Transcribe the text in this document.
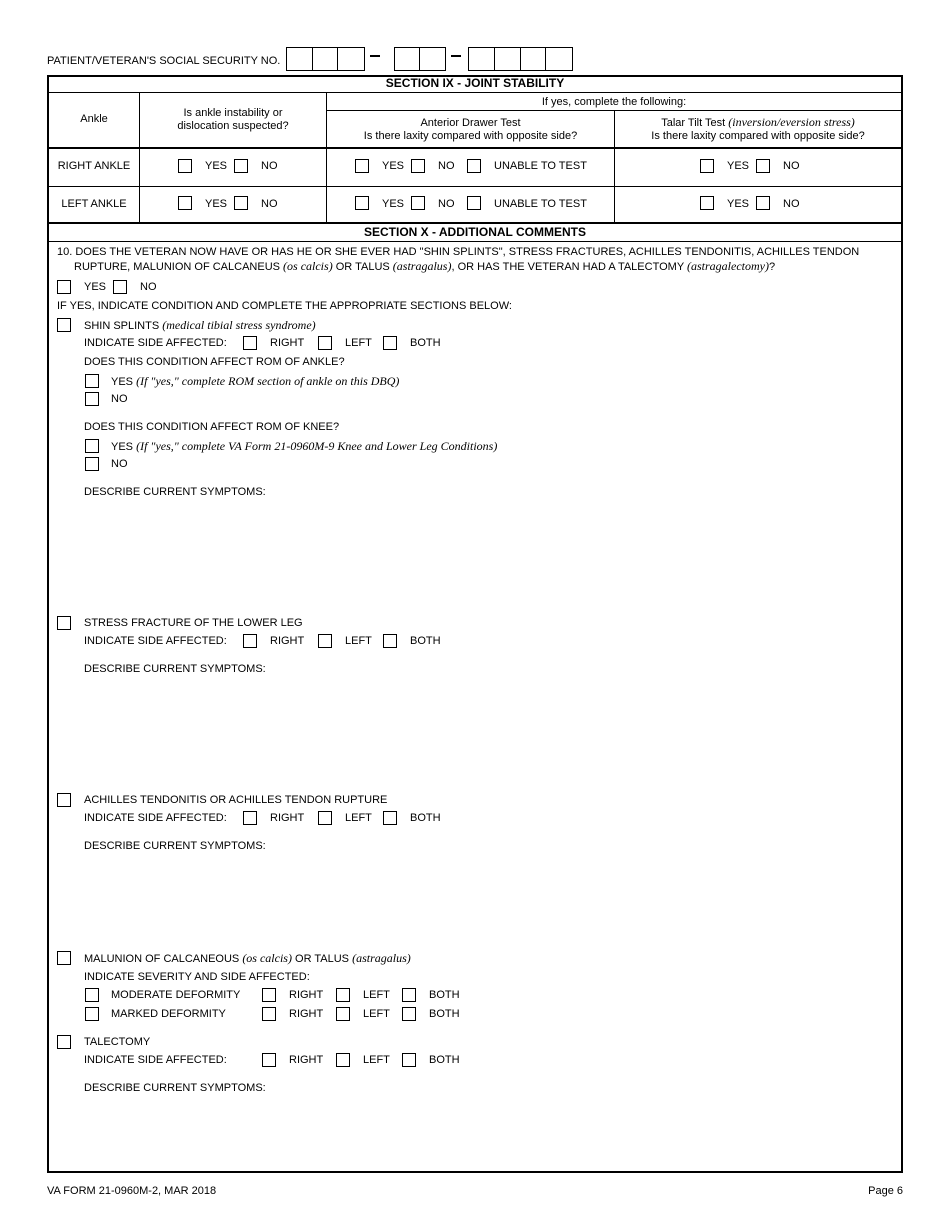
PATIENT/VETERAN'S SOCIAL SECURITY NO.
SECTION IX - JOINT STABILITY
Ankle	Is ankle instability or
dislocation suspected?
If yes, complete the following:
Anterior Drawer Test
Is there laxity compared with opposite side?
Talar Tilt Test (inversion/eversion stress)
Is there laxity compared with opposite side?
RIGHT ANKLE	YES	NO	YES	NO	UNABLE TO TEST	YES	NO
LEFT ANKLE	YES	NO	YES	NO	UNABLE TO TEST	YES	NO
SECTION X - ADDITIONAL COMMENTS
10. DOES THE VETERAN NOW HAVE OR HAS HE OR SHE EVER HAD "SHIN SPLINTS", STRESS FRACTURES, ACHILLES TENDONITIS, ACHILLES TENDON
RUPTURE, MALUNION OF CALCANEUS (os calcis) OR TALUS (astragalus), OR HAS THE VETERAN HAD A TALECTOMY (astragalectomy)?
YES	NO
IF YES, INDICATE CONDITION AND COMPLETE THE APPROPRIATE SECTIONS BELOW:
SHIN SPLINTS (medical tibial stress syndrome)
INDICATE SIDE AFFECTED:	RIGHT	LEFT	BOTH
DOES THIS CONDITION AFFECT ROM OF ANKLE?
YES (If "yes," complete ROM section of ankle on this DBQ)
NO
DOES THIS CONDITION AFFECT ROM OF KNEE?
YES (If "yes," complete VA Form 21-0960M-9 Knee and Lower Leg Conditions)
NO
DESCRIBE CURRENT SYMPTOMS:
STRESS FRACTURE OF THE LOWER LEG
INDICATE SIDE AFFECTED:	RIGHT	LEFT	BOTH
DESCRIBE CURRENT SYMPTOMS:
ACHILLES TENDONITIS OR ACHILLES TENDON RUPTURE
INDICATE SIDE AFFECTED:	RIGHT	LEFT	BOTH
DESCRIBE CURRENT SYMPTOMS:
MALUNION OF CALCANEOUS (os calcis) OR TALUS (astragalus)
INDICATE SEVERITY AND SIDE AFFECTED:
MODERATE DEFORMITY	RIGHT	LEFT	BOTH
MARKED DEFORMITY	RIGHT	LEFT	BOTH
TALECTOMY
INDICATE SIDE AFFECTED:	RIGHT	LEFT	BOTH
DESCRIBE CURRENT SYMPTOMS:
VA FORM 21-0960M-2, MAR 2018	Page 6
